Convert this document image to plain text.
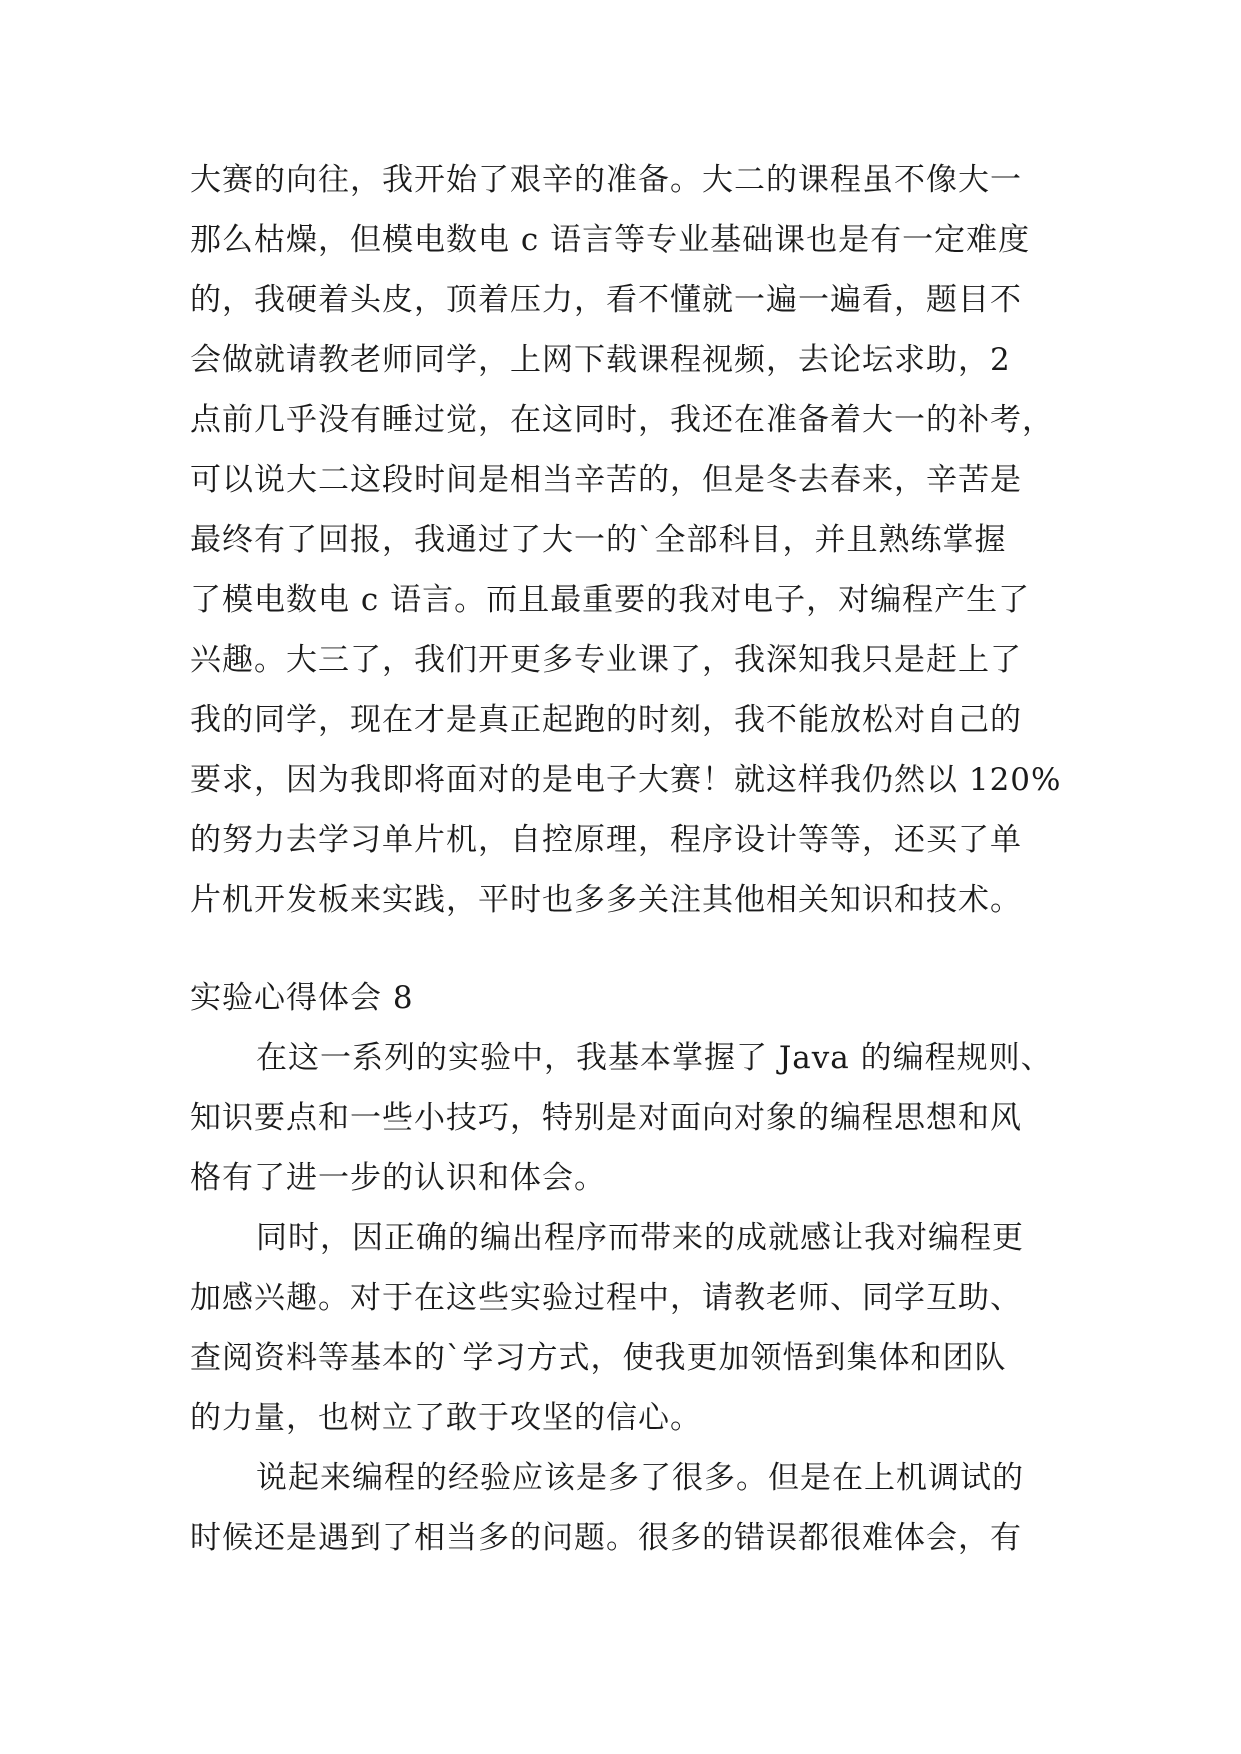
大赛的向往，我开始了艰辛的准备。大二的课程虽不像大一
那么枯燥，但模电数电 c 语言等专业基础课也是有一定难度
的，我硬着头皮，顶着压力，看不懂就一遍一遍看，题目不
会做就请教老师同学，上网下载课程视频，去论坛求助，2
点前几乎没有睡过觉，在这同时，我还在准备着大一的补考，
可以说大二这段时间是相当辛苦的，但是冬去春来，辛苦是
最终有了回报，我通过了大一的`全部科目，并且熟练掌握
了模电数电 c 语言。而且最重要的我对电子，对编程产生了
兴趣。大三了，我们开更多专业课了，我深知我只是赶上了
我的同学，现在才是真正起跑的时刻，我不能放松对自己的
要求，因为我即将面对的是电子大赛！就这样我仍然以 120%
的努力去学习单片机，自控原理，程序设计等等，还买了单
片机开发板来实践，平时也多多关注其他相关知识和技术。
实验心得体会 8
在这一系列的实验中，我基本掌握了 Java 的编程规则、
知识要点和一些小技巧，特别是对面向对象的编程思想和风
格有了进一步的认识和体会。
同时，因正确的编出程序而带来的成就感让我对编程更
加感兴趣。对于在这些实验过程中，请教老师、同学互助、
查阅资料等基本的`学习方式，使我更加领悟到集体和团队
的力量，也树立了敢于攻坚的信心。
说起来编程的经验应该是多了很多。但是在上机调试的
时候还是遇到了相当多的问题。很多的错误都很难体会，有
